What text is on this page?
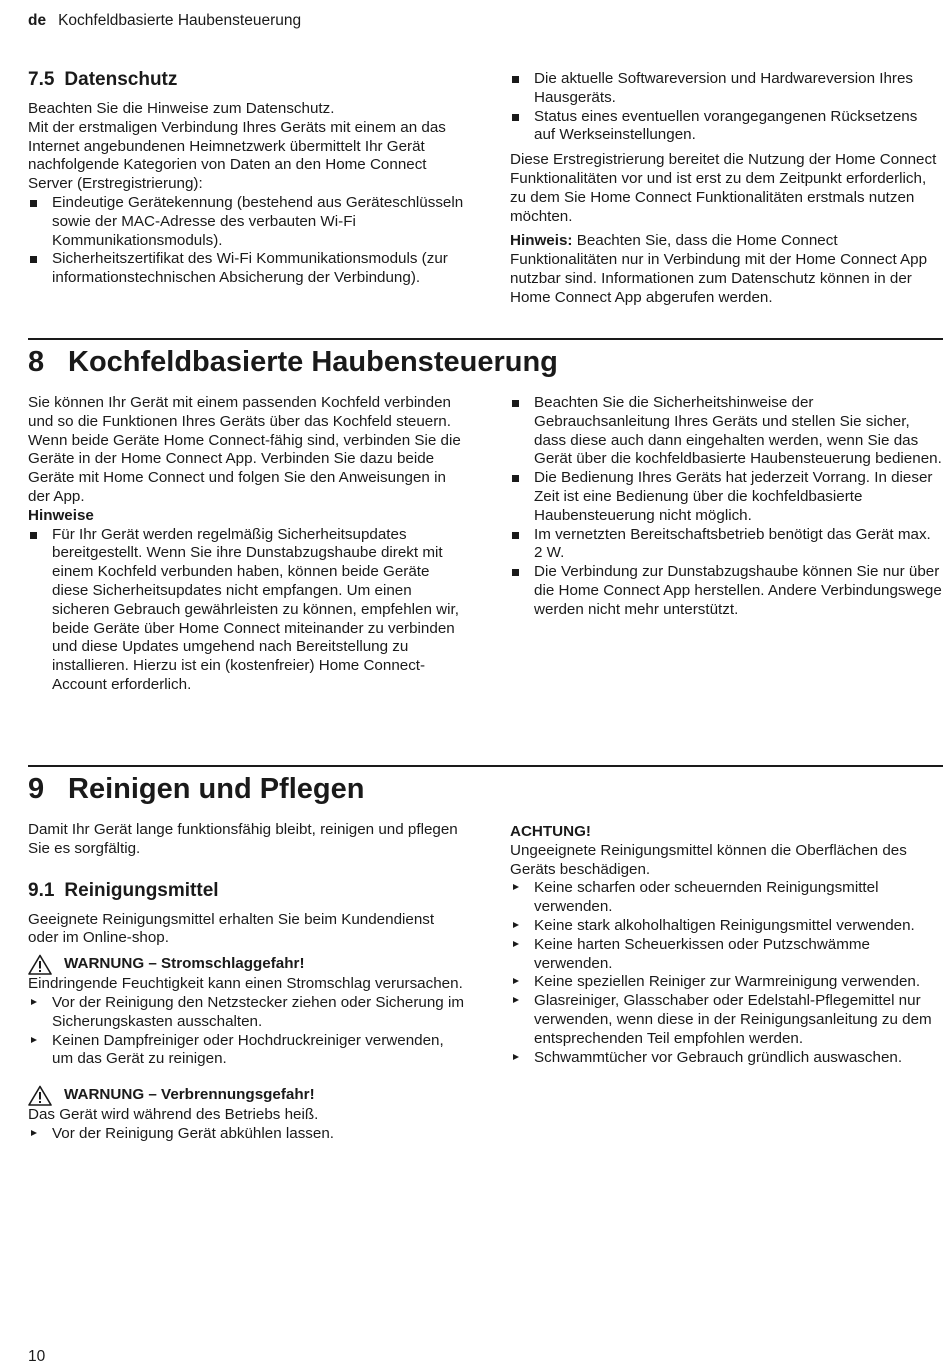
de Kochfeldbasierte Haubensteuerung
7.5 Datenschutz

Beachten Sie die Hinweise zum Datenschutz.

Mit der erstmaligen Verbindung Ihres Geräts mit einem an das Internet angebundenen Heimnetzwerk übermittelt Ihr Gerät nachfolgende Kategorien von Daten an den Home Connect Server (Erstregistrierung):

Eindeutige Gerätekennung (bestehend aus Geräteschlüsseln sowie der MAC-Adresse des verbauten Wi-Fi Kommunikationsmoduls).
Sicherheitszertifikat des Wi-Fi Kommunikationsmoduls (zur informationstechnischen Absicherung der Verbindung).
Die aktuelle Softwareversion und Hardwareversion Ihres Hausgeräts.
Status eines eventuellen vorangegangenen Rücksetzens auf Werkseinstellungen.

Diese Erstregistrierung bereitet die Nutzung der Home Connect Funktionalitäten vor und ist erst zu dem Zeitpunkt erforderlich, zu dem Sie Home Connect Funktionalitäten erstmals nutzen möchten.

Hinweis: Beachten Sie, dass die Home Connect Funktionalitäten nur in Verbindung mit der Home Connect App nutzbar sind. Informationen zum Datenschutz können in der Home Connect App abgerufen werden.

8 Kochfeldbasierte Haubensteuerung

Sie können Ihr Gerät mit einem passenden Kochfeld verbinden und so die Funktionen Ihres Geräts über das Kochfeld steuern.

Wenn beide Geräte Home Connect-fähig sind, verbinden Sie die Geräte in der Home Connect App. Verbinden Sie dazu beide Geräte mit Home Connect und folgen Sie den Anweisungen in der App.

Hinweise

Für Ihr Gerät werden regelmäßig Sicherheitsupdates bereitgestellt. Wenn Sie ihre Dunstabzugshaube direkt mit einem Kochfeld verbunden haben, können beide Geräte diese Sicherheitsupdates nicht empfangen. Um einen sicheren Gebrauch gewährleisten zu können, empfehlen wir, beide Geräte über Home Connect miteinander zu verbinden und diese Updates umgehend nach Bereitstellung zu installieren. Hierzu ist ein (kostenfreier) Home Connect-Account erforderlich.
Beachten Sie die Sicherheitshinweise der Gebrauchsanleitung Ihres Geräts und stellen Sie sicher, dass diese auch dann eingehalten werden, wenn Sie das Gerät über die kochfeldbasierte Haubensteuerung bedienen.
Die Bedienung Ihres Geräts hat jederzeit Vorrang. In dieser Zeit ist eine Bedienung über die kochfeldbasierte Haubensteuerung nicht möglich.
Im vernetzten Bereitschaftsbetrieb benötigt das Gerät max. 2 W.
Die Verbindung zur Dunstabzugshaube können Sie nur über die Home Connect App herstellen. Andere Verbindungswege werden nicht mehr unterstützt.
9 Reinigen und Pflegen

Damit Ihr Gerät lange funktionsfähig bleibt, reinigen und pflegen Sie es sorgfältig.

9.1 Reinigungsmittel

Geeignete Reinigungsmittel erhalten Sie beim Kundendienst oder im Online-shop.

WARNUNG – Stromschlaggefahr!

Eindringende Feuchtigkeit kann einen Stromschlag verursachen.

Vor der Reinigung den Netzstecker ziehen oder Sicherung im Sicherungskasten ausschalten.
Keinen Dampfreiniger oder Hochdruckreiniger verwenden, um das Gerät zu reinigen.
WARNUNG – Verbrennungsgefahr!

Das Gerät wird während des Betriebs heiß.

Vor der Reinigung Gerät abkühlen lassen.

ACHTUNG!

Ungeeignete Reinigungsmittel können die Oberflächen des Geräts beschädigen.

Keine scharfen oder scheuernden Reinigungsmittel verwenden.
Keine stark alkoholhaltigen Reinigungsmittel verwenden.
Keine harten Scheuerkissen oder Putzschwämme verwenden.
Keine speziellen Reiniger zur Warmreinigung verwenden.
Glasreiniger, Glasschaber oder Edelstahl-Pflegemittel nur verwenden, wenn diese in der Reinigungsanleitung zu dem entsprechenden Teil empfohlen werden.
Schwammtücher vor Gebrauch gründlich auswaschen.
10
